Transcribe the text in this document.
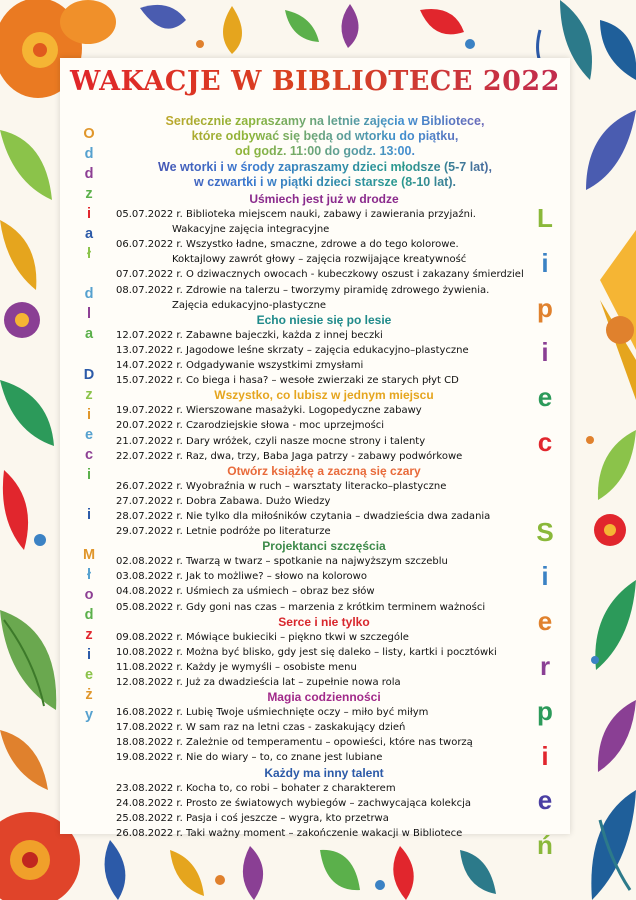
WAKACJE W BIBLIOTECE 2022

Serdecznie zapraszamy na letnie zajęcia w Bibliotece,
które odbywać się będą od wtorku do piątku,
od godz. 11:00 do godz. 13:00.

We wtorki i w środy zapraszamy dzieci młodsze (5-7 lat),
w czwartki i w piątki dzieci starsze (8-10 lat).

O
d
d
z
i
a
ł
d
l
a
D
z
i
e
c
i
i
M
ł
o
d
z
i
e
ż
y
L
i
p
i
e
c
S
i
e
r
p
i
e
ń
Uśmiech jest już w drodze
05.07.2022 r. Biblioteka miejscem nauki, zabawy i zawierania przyjaźni.
Wakacyjne zajęcia integracyjne
06.07.2022 r. Wszystko ładne, smaczne, zdrowe a do tego kolorowe.
Koktajlowy zawrót głowy – zajęcia rozwijające kreatywność
07.07.2022 r. O dziwacznych owocach - kubeczkowy oszust i zakazany śmierdziel
08.07.2022 r. Zdrowie na talerzu – tworzymy piramidę zdrowego żywienia.
Zajęcia edukacyjno-plastyczne
Echo niesie się po lesie
12.07.2022 r. Zabawne bajeczki, każda z innej beczki
13.07.2022 r. Jagodowe leśne skrzaty – zajęcia edukacyjno–plastyczne
14.07.2022 r. Odgadywanie wszystkimi zmysłami
15.07.2022 r. Co biega i hasa? – wesołe zwierzaki ze starych płyt CD
Wszystko, co lubisz w jednym miejscu
19.07.2022 r. Wierszowane masażyki. Logopedyczne zabawy
20.07.2022 r. Czarodziejskie słowa - moc uprzejmości
21.07.2022 r. Dary wróżek, czyli nasze mocne strony i talenty
22.07.2022 r. Raz, dwa, trzy, Baba Jaga patrzy - zabawy podwórkowe
Otwórz książkę a zaczną się czary
26.07.2022 r. Wyobraźnia w ruch – warsztaty literacko–plastyczne
27.07.2022 r. Dobra Zabawa. Dużo Wiedzy
28.07.2022 r. Nie tylko dla miłośników czytania – dwadzieścia dwa zadania
29.07.2022 r. Letnie podróże po literaturze
Projektanci szczęścia
02.08.2022 r. Twarzą w twarz – spotkanie na najwyższym szczeblu
03.08.2022 r. Jak to możliwe? – słowo na kolorowo
04.08.2022 r. Uśmiech za uśmiech – obraz bez słów
05.08.2022 r. Gdy goni nas czas – marzenia z krótkim terminem ważności
Serce i nie tylko
09.08.2022 r. Mówiące bukieciki – piękno tkwi w szczególe
10.08.2022 r. Można być blisko, gdy jest się daleko – listy, kartki i pocztówki
11.08.2022 r. Każdy je wymyśli – osobiste menu
12.08.2022 r. Już za dwadzieścia lat – zupełnie nowa rola
Magia codzienności
16.08.2022 r. Lubię Twoje uśmiechnięte oczy – miło być miłym
17.08.2022 r. W sam raz na letni czas - zaskakujący dzień
18.08.2022 r. Zależnie od temperamentu – opowieści, które nas tworzą
19.08.2022 r. Nie do wiary – to, co znane jest lubiane
Każdy ma inny talent
23.08.2022 r. Kocha to, co robi – bohater z charakterem
24.08.2022 r. Prosto ze światowych wybiegów – zachwycająca kolekcja
25.08.2022 r. Pasja i coś jeszcze – wygra, kto przetrwa
26.08.2022 r. Taki ważny moment – zakończenie wakacji w Bibliotece
